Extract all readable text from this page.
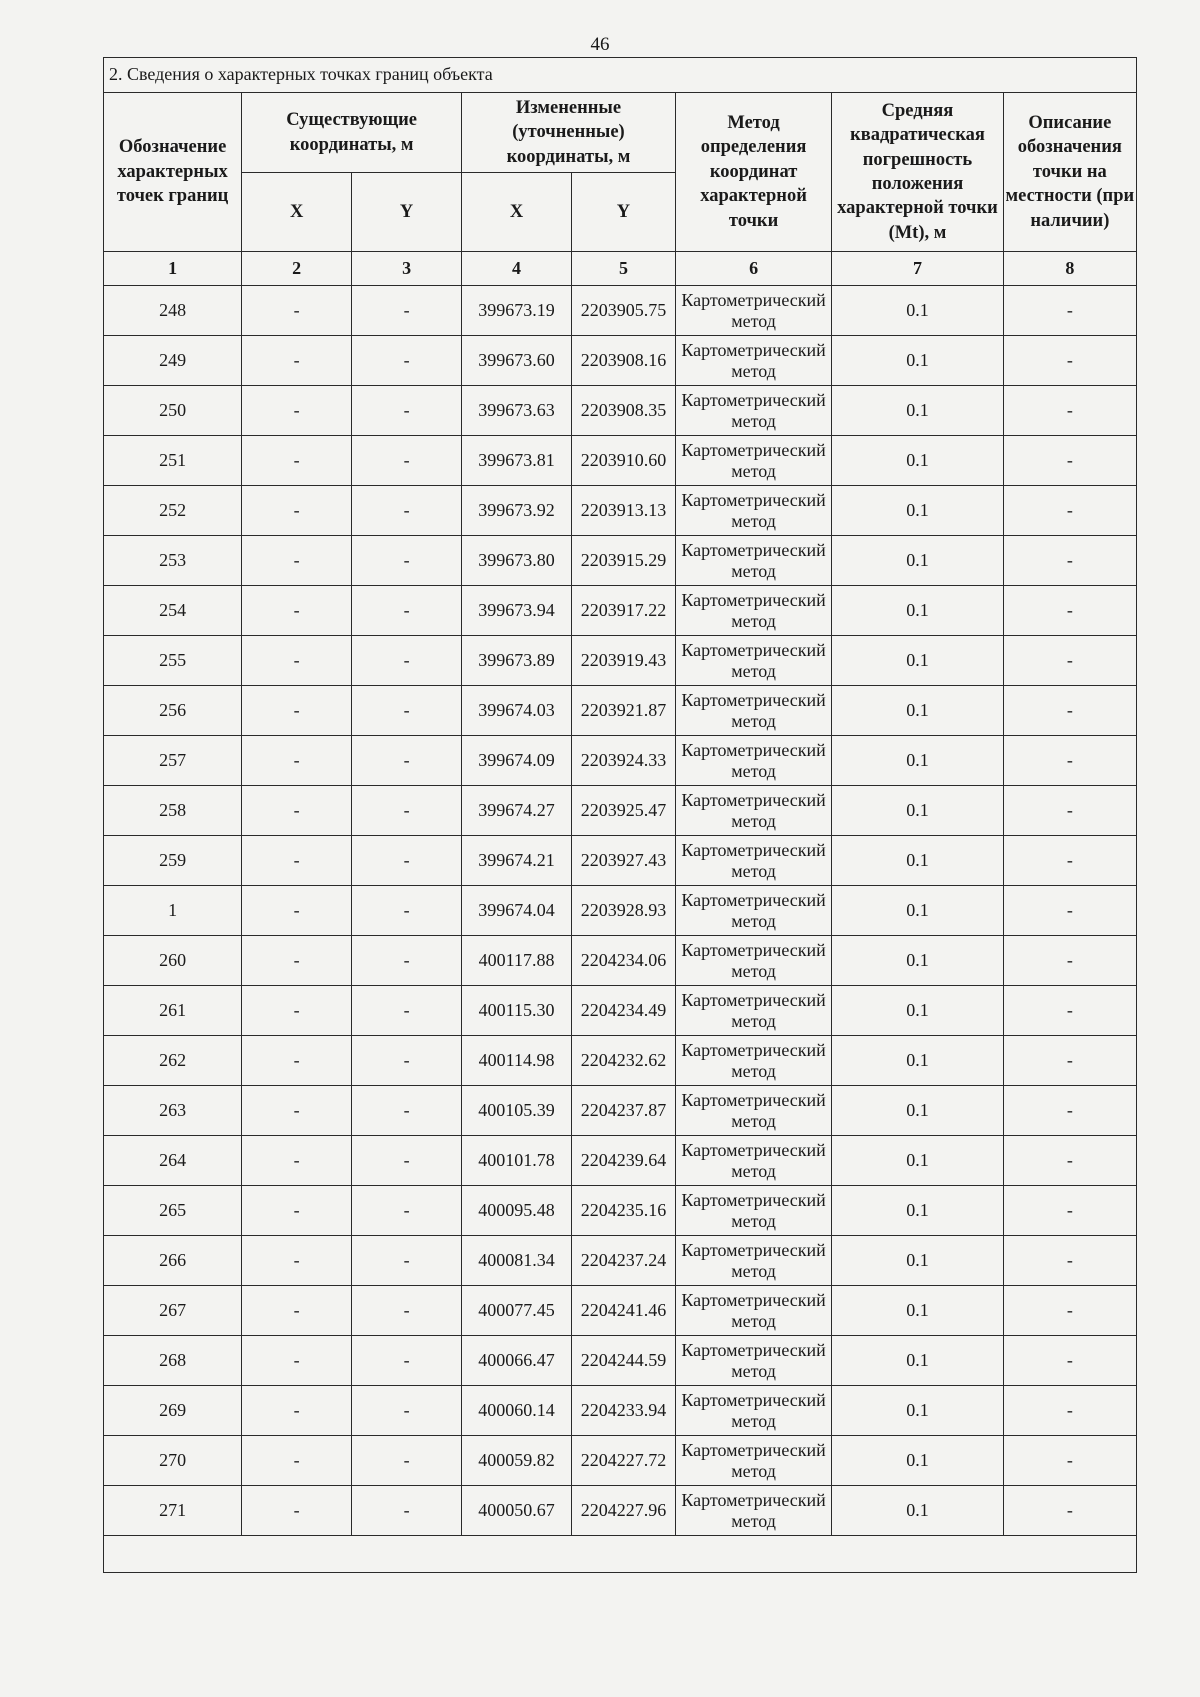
46
2. Сведения о характерных точках границ объекта							
Обозначение характерных точек границ	Существующие координаты, м		Измененные (уточненные) координаты, м		Метод определения координат характерной точки	Средняя квадратическая погрешность положения характерной точки (Mt), м	Описание обозначения точки на местности (при наличии)
	X	Y	X	Y			
1	2	3	4	5	6	7	8
248	-	-	399673.19	2203905.75	Картометрический метод	0.1	-
249	-	-	399673.60	2203908.16	Картометрический метод	0.1	-
250	-	-	399673.63	2203908.35	Картометрический метод	0.1	-
251	-	-	399673.81	2203910.60	Картометрический метод	0.1	-
252	-	-	399673.92	2203913.13	Картометрический метод	0.1	-
253	-	-	399673.80	2203915.29	Картометрический метод	0.1	-
254	-	-	399673.94	2203917.22	Картометрический метод	0.1	-
255	-	-	399673.89	2203919.43	Картометрический метод	0.1	-
256	-	-	399674.03	2203921.87	Картометрический метод	0.1	-
257	-	-	399674.09	2203924.33	Картометрический метод	0.1	-
258	-	-	399674.27	2203925.47	Картометрический метод	0.1	-
259	-	-	399674.21	2203927.43	Картометрический метод	0.1	-
1	-	-	399674.04	2203928.93	Картометрический метод	0.1	-
260	-	-	400117.88	2204234.06	Картометрический метод	0.1	-
261	-	-	400115.30	2204234.49	Картометрический метод	0.1	-
262	-	-	400114.98	2204232.62	Картометрический метод	0.1	-
263	-	-	400105.39	2204237.87	Картометрический метод	0.1	-
264	-	-	400101.78	2204239.64	Картометрический метод	0.1	-
265	-	-	400095.48	2204235.16	Картометрический метод	0.1	-
266	-	-	400081.34	2204237.24	Картометрический метод	0.1	-
267	-	-	400077.45	2204241.46	Картометрический метод	0.1	-
268	-	-	400066.47	2204244.59	Картометрический метод	0.1	-
269	-	-	400060.14	2204233.94	Картометрический метод	0.1	-
270	-	-	400059.82	2204227.72	Картометрический метод	0.1	-
271	-	-	400050.67	2204227.96	Картометрический метод	0.1	-
